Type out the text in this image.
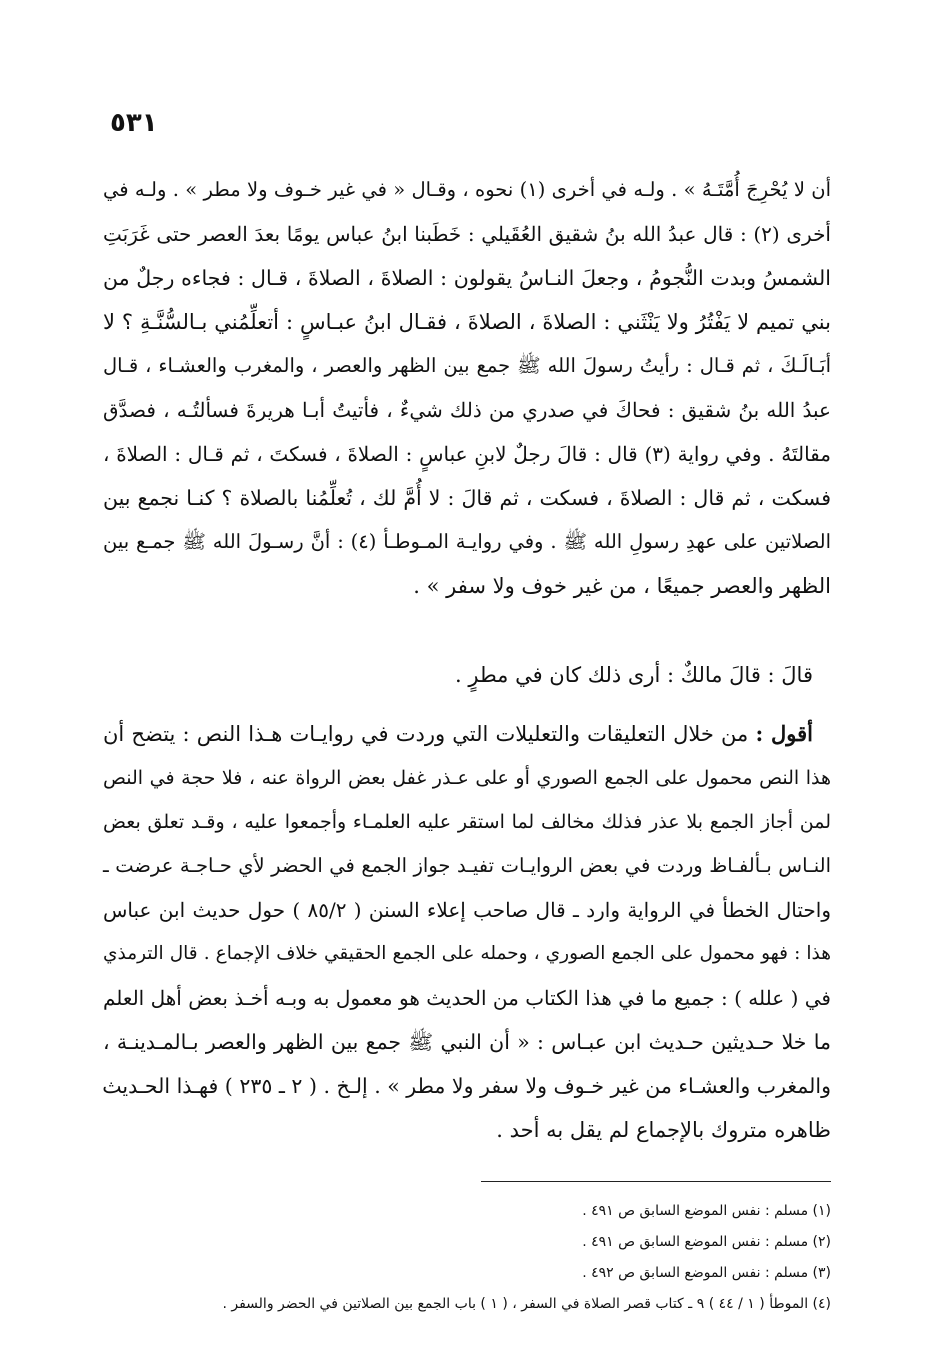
٥٣١
أن لا يُحْرِجَ أُمَّتَـهُ » . ولـه في أخرى (١) نحوه ، وقـال « في غير خـوف ولا مطر » . ولـه في
أخرى (٢) : قال عبدُ الله بنُ شقيق العُقَيلي : خَطَبنا ابنُ عباس يومًا بعدَ العصر حتى غَرَبَتِ
الشمسُ وبدت النُّجومُ ، وجعلَ النـاسُ يقولون : الصلاةَ ، الصلاةَ ، قـال : فجاءه رجلٌ من
بني تميم لا يَفْتُرُ ولا يَنْثَني : الصلاةَ ، الصلاةَ ، فقـال ابنُ عبـاسٍ : أتعلِّمُني بـالسُّنَّـةِ ؟ لا
أبَـالَـكَ ، ثم قـال : رأيتُ رسولَ الله ﷺ جمع بين الظهر والعصر ، والمغرب والعشـاء ، قـال
عبدُ الله بنُ شقيق : فحاكَ في صدري من ذلك شيءٌ ، فأتيتُ أبـا هريرةَ فسألتُـه ، فصدَّق
مقالتَهُ . وفي رواية (٣) قال : قالَ رجلٌ لابنِ عباسٍ : الصلاةَ ، فسكتَ ، ثم قـال : الصلاةَ ،
فسكت ، ثم قال : الصلاةَ ، فسكت ، ثم قالَ : لا أُمَّ لك ، تُعلِّمُنا بالصلاة ؟ كنـا نجمع بين
الصلاتين على عهدِ رسولِ الله ﷺ . وفي روايـة المـوطـأ (٤) : أنَّ رسـولَ الله ﷺ جمـع بين
الظهر والعصر جميعًا ، من غير خوف ولا سفر » .
قالَ : قالَ مالكٌ : أرى ذلك كان في مطرٍ .
أقول : من خلال التعليقات والتعليلات التي وردت في روايـات هـذا النص : يتضح أن
هذا النص محمول على الجمع الصوري أو على عـذر غفل بعض الرواة عنه ، فلا حجة في النص
لمن أجاز الجمع بلا عذر فذلك مخالف لما استقر عليه العلمـاء وأجمعوا عليه ، وقـد تعلق بعض
النـاس بـألفـاظ وردت في بعض الروايـات تفيـد جواز الجمع في الحضر لأي حـاجـة عرضت ـ
واحتال الخطأ في الرواية وارد ـ قال صاحب إعلاء السنن ( ٨٥/٢ ) حول حديث ابن عباس
هذا : فهو محمول على الجمع الصوري ، وحمله على الجمع الحقيقي خلاف الإجماع . قال الترمذي
في ( علله ) : جميع ما في هذا الكتاب من الحديث هو معمول به وبـه أخـذ بعض أهل العلم
ما خلا حـديثين حـديث ابن عبـاس : « أن النبي ﷺ جمع بين الظهر والعصر بـالمـدينـة ،
والمغرب والعشـاء من غير خـوف ولا سفر ولا مطر » . إلـخ . ( ٢ ـ ٢٣٥ ) فهـذا الحـديث
ظاهره متروك بالإجماع لم يقل به أحد .
(١) مسلم : نفس الموضع السابق ص ٤٩١ .
(٢) مسلم : نفس الموضع السابق ص ٤٩١ .
(٣) مسلم : نفس الموضع السابق ص ٤٩٢ .
(٤) الموطأ ( ١ / ٤٤ ) ٩ ـ كتاب قصر الصلاة في السفر ، ( ١ ) باب الجمع بين الصلاتين في الحضر والسفر .
